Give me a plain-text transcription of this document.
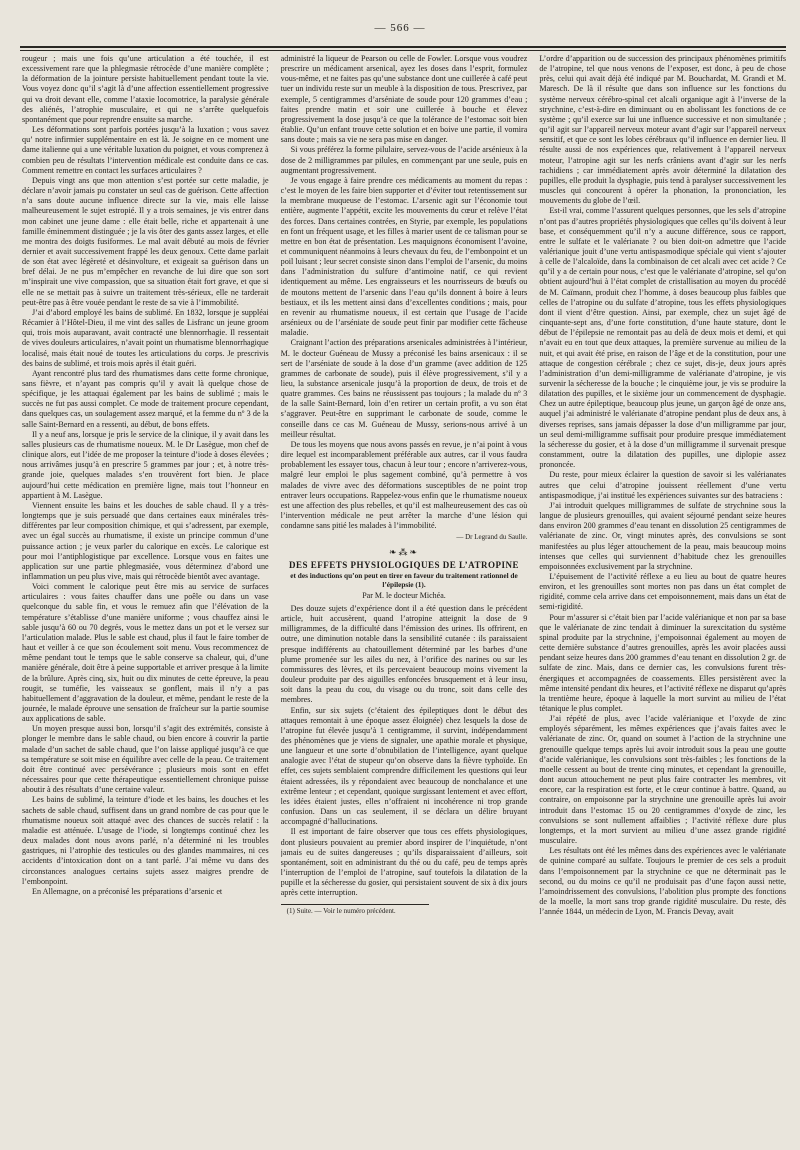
— 566 —

rougeur ; mais une fois qu’une articulation a été touchée, il est excessivement rare que la phlegmasie rétrocède d’une manière complète ; la déformation de la jointure persiste habituellement pendant toute la vie. Vous voyez donc qu’il s’agit là d’une affection essentiellement progressive qui va droit devant elle, comme l’ataxie locomotrice, la paralysie générale des aliénés, l’atrophie musculaire, et qui ne s’arrête quelquefois spontanément que pour reprendre ensuite sa marche.

Les déformations sont parfois portées jusqu’à la luxation ; vous savez qu’ notre infirmier supplémentaire en est là. Je soigne en ce moment une dame italienne qui a une véritable luxation du poignet, et vous comprenez à combien peu de résultats l’intervention médicale est conduite dans ce cas. Comment remettre en contact les surfaces articulaires ?

Depuis vingt ans que mon attention s’est portée sur cette maladie, je déclare n’avoir jamais pu constater un seul cas de guérison. Cette affection n’a sans doute aucune influence directe sur la vie, mais elle laisse malheureusement le sujet estropié. Il y a trois semaines, je vis entrer dans mon cabinet une jeune dame : elle était belle, riche et appartenait à une famille éminemment distinguée ; je la vis ôter des gants assez larges, et elle me montra des doigts fusiformes. Le mal avait débuté au mois de février dernier et avait successivement frappé les deux genoux. Cette dame parlait de son état avec légèreté et désinvolture, et exigeait sa guérison dans un bref délai. Je ne pus m’empêcher en revanche de lui dire que son sort m’inspirait une vive compassion, que sa situation était fort grave, et que si elle ne se mettait pas à suivre un traitement très-sérieux, elle ne tarderait peut-être pas à être vouée pendant le reste de sa vie à l’immobilité.

J’ai d’abord employé les bains de sublimé. En 1832, lorsque je suppléai Récamier à l’Hôtel-Dieu, il me vint des salles de Lisfranc un jeune groom qui, trois mois auparavant, avait contracté une blennorrhagie. Il ressentait de vives douleurs articulaires, n’avait point un rhumatisme blennorrhagique localisé, mais était noué de toutes les articulations du corps. Je prescrivis des bains de sublimé, et trois mois après il était guéri.

Ayant rencontré plus tard des rhumatismes dans cette forme chronique, sans fièvre, et n’ayant pas compris qu’il y avait là quelque chose de spécifique, je les attaquai également par les bains de sublimé ; mais le succès ne fut pas aussi complet. Ce mode de traitement procure cependant, dans quelques cas, un soulagement assez marqué, et la femme du nº 3 de la salle Saint-Bernard en a ressenti, au début, de bons effets.

Il y a neuf ans, lorsque je pris le service de la clinique, il y avait dans les salles plusieurs cas de rhumatisme noueux. M. le Dr Lasègue, mon chef de clinique alors, eut l’idée de me proposer la teinture d’iode à doses élevées ; nous arrivâmes jusqu’à en prescrire 5 grammes par jour ; et, à notre très-grande joie, quelques malades s’en trouvèrent fort bien. Je place aujourd’hui cette médication en première ligne, mais tout l’honneur en appartient à M. Lasègue.

Viennent ensuite les bains et les douches de sable chaud. Il y a très-longtemps que je suis persuadé que dans certaines eaux minérales très-différentes par leur composition chimique, et qui s’adressent, par exemple, avec un égal succès au rhumatisme, il existe un principe commun d’une puissance action ; je veux parler du calorique en excès. Le calorique est pour moi l’antiphlogistique par excellence. Lorsque vous en faites une application sur une partie phlegmasiée, vous déterminez d’abord une inflammation un peu plus vive, mais qui rétrocède bientôt avec avantage.

Voici comment le calorique peut être mis au service de surfaces articulaires : vous faites chauffer dans une poêle ou dans un vase quelconque du sable fin, et vous le remuez afin que l’élévation de la température s’établisse d’une manière uniforme ; vous chauffez ainsi le sable jusqu’à 60 ou 70 degrés, vous le mettez dans un pot et le versez sur l’articulation malade. Plus le sable est chaud, plus il faut le faire tomber de haut et veiller à ce que son écoulement soit menu. Vous recommencez de même pendant tout le temps que le sable conserve sa chaleur, qui, d’une manière générale, doit être à peine supportable et arriver presque à la limite de la brûlure. Après cinq, six, huit ou dix minutes de cette épreuve, la peau rougit, se tuméfie, les vaisseaux se gonflent, mais il n’y a pas habituellement d’aggravation de la douleur, et même, pendant le reste de la journée, le malade éprouve une sensation de fraîcheur sur la partie soumise aux applications de sable.

Un moyen presque aussi bon, lorsqu’il s’agit des extrémités, consiste à plonger le membre dans le sable chaud, ou bien encore à couvrir la partie malade d’un sachet de sable chaud, que l’on laisse appliqué jusqu’à ce que sa température se soit mise en équilibre avec celle de la peau. Ce traitement doit être continué avec persévérance ; plusieurs mois sont en effet nécessaires pour que cette thérapeutique essentiellement chronique puisse aboutir à des résultats d’une certaine valeur.

Les bains de sublimé, la teinture d’iode et les bains, les douches et les sachets de sable chaud, suffisent dans un grand nombre de cas pour que le rhumatisme noueux soit attaqué avec des chances de succès relatif : la maladie est atténuée. L’usage de l’iode, si longtemps continué chez les deux malades dont nous avons parlé, n’a déterminé ni les troubles gastriques, ni l’atrophie des testicules ou des glandes mammaires, ni ces accidents d’intoxication dont on a tant parlé. J’ai même vu dans des circonstances analogues certains sujets assez maigres prendre de l’embonpoint.

En Allemagne, on a préconisé les préparations d’arsenic et

administré la liqueur de Pearson ou celle de Fowler. Lorsque vous voudrez prescrire un médicament arsenical, ayez les doses dans l’esprit, formulez vous-même, et ne faites pas qu’une substance dont une cuillerée à café peut tuer un individu reste sur un meuble à la disposition de tous. Prescrivez, par exemple, 5 centigrammes d’arséniate de soude pour 120 grammes d’eau ; faites prendre matin et soir une cuillerée à bouche et élevez progressivement la dose jusqu’à ce que la tolérance de l’estomac soit bien établie. Qu’un enfant trouve cette solution et en boive une partie, il vomira sans doute ; mais sa vie ne sera pas mise en danger.

Si vous préférez la forme pilulaire, servez-vous de l’acide arsénieux à la dose de 2 milligrammes par pilules, en commençant par une seule, puis en augmentant progressivement.

Je vous engage à faire prendre ces médicaments au moment du repas : c’est le moyen de les faire bien supporter et d’éviter tout retentissement sur la membrane muqueuse de l’estomac. L’arsenic agit sur l’économie tout entière, augmente l’appétit, excite les mouvements du cœur et relève l’état des forces. Dans certaines contrées, en Styrie, par exemple, les populations en font un fréquent usage, et les filles à marier usent de ce talisman pour se mettre en bon état de présentation. Les maquignons économisent l’avoine, et communiquent néanmoins à leurs chevaux du feu, de l’embonpoint et un poil luisant ; leur secret consiste sinon dans l’emploi de l’arsenic, du moins dans l’administration du sulfure d’antimoine natif, ce qui revient identiquement au même. Les engraisseurs et les nourrisseurs de bœufs ou de moutons mettent de l’arsenic dans l’eau qu’ils donnent à boire à leurs bestiaux, et ils les mettent ainsi dans d’excellentes conditions ; mais, pour en revenir au rhumatisme noueux, il est certain que l’usage de l’acide arsénieux ou de l’arséniate de soude peut finir par modifier cette fâcheuse maladie.

Craignant l’action des préparations arsenicales administrées à l’intérieur, M. le docteur Guéneau de Mussy a préconisé les bains arsenicaux : il se sert de l’arséniate de soude à la dose d’un gramme (avec addition de 125 grammes de carbonate de soude), puis il élève progressivement, s’il y a lieu, la substance arsenicale jusqu’à la proportion de deux, de trois et de quatre grammes. Ces bains ne réussissent pas toujours ; la malade du nº 3 de la salle Saint-Bernard, loin d’en retirer un certain profit, a vu son état s’aggraver. Peut-être en supprimant le carbonate de soude, comme le conseille dans ce cas M. Guéneau de Mussy, serions-nous arrivé à un meilleur résultat.

De tous les moyens que nous avons passés en revue, je n’ai point à vous dire lequel est incomparablement préférable aux autres, car il vous faudra probablement les essayer tous, chacun à leur tour ; encore n’arriverez-vous, malgré leur emploi le plus sagement combiné, qu’à permettre à vos malades de vivre avec des déformations susceptibles de ne point trop entraver leurs occupations. Rappelez-vous enfin que le rhumatisme noueux est une affection des plus rebelles, et qu’il est malheureusement des cas où l’intervention médicale ne peut arrêter la marche d’une lésion qui condamne sans pitié les malades à l’immobilité.

— Dr Legrand du Saulle.
❧⁂❧
DES EFFETS PHYSIOLOGIQUES DE L’ATROPINE
et des inductions qu’on peut en tirer en faveur du traitement rationnel de l’épilepsie (1).
Par M. le docteur Michéa.

Des douze sujets d’expérience dont il a été question dans le précédent article, huit accusèrent, quand l’atropine atteignit la dose de 9 milligrammes, de la difficulté dans l’émission des urines. Ils offrirent, en outre, une diminution notable dans la sensibilité cutanée : ils paraissaient presque indifférents au chatouillement déterminé par les barbes d’une plume promenée sur les ailes du nez, à l’orifice des narines ou sur les commissures des lèvres, et ils percevaient beaucoup moins vivement la douleur produite par des aiguilles enfoncées brusquement et à leur insu, soit dans la peau du cou, du visage ou du tronc, soit dans celle des membres.

Enfin, sur six sujets (c’étaient des épileptiques dont le début des attaques remontait à une époque assez éloignée) chez lesquels la dose de l’atropine fut élevée jusqu’à 1 centigramme, il survint, indépendamment des phénomènes que je viens de signaler, une apathie morale et physique, une langueur et une sorte d’obnubilation de l’intelligence, ayant quelque analogie avec l’état de stupeur qu’on observe dans la fièvre typhoïde. En effet, ces sujets semblaient comprendre difficilement les questions qui leur étaient adressées, ils y répondaient avec beaucoup de nonchalance et une extrême lenteur ; et cependant, quoique surgissant lentement et avec effort, les idées étaient justes, elles n’offraient ni incohérence ni trop grande confusion. Dans un cas seulement, il se déclara un délire bruyant accompagné d’hallucinations.

Il est important de faire observer que tous ces effets physiologiques, dont plusieurs pouvaient au premier abord inspirer de l’inquiétude, n’ont jamais eu de suites dangereuses ; qu’ils disparaissaient d’ailleurs, soit spontanément, soit en administrant du thé ou du café, peu de temps après l’interruption de l’emploi de l’atropine, sauf toutefois la dilatation de la pupille et la sécheresse du gosier, qui persistaient souvent de six à dix jours après cette interruption.

(1) Suite. — Voir le numéro précédent.

L’ordre d’apparition ou de succession des principaux phénomènes primitifs de l’atropine, tel que nous venons de l’exposer, est donc, à peu de chose près, celui qui avait déjà été indiqué par M. Bouchardat, M. Grandi et M. Maresch. De là il résulte que dans son influence sur les fonctions du système nerveux cérébro-spinal cet alcali organique agit à l’inverse de la strychnine, c’est-à-dire en diminuant ou en abolissant les fonctions de ce système ; qu’il exerce sur lui une influence successive et non simultanée ; qu’il agit sur l’appareil nerveux moteur avant d’agir sur l’appareil nerveux sensitif, et que ce sont les lobes cérébraux qu’il influence en dernier lieu. Il résulte aussi de nos expériences que, relativement à l’appareil nerveux moteur, l’atropine agit sur les nerfs crâniens avant d’agir sur les nerfs rachidiens ; car immédiatement après avoir déterminé la dilatation des pupilles, elle produit la dysphagie, puis tend à paralyser successivement les muscles qui concourent à opérer la phonation, la prononciation, les mouvements du globe de l’œil.

Est-il vrai, comme l’assurent quelques personnes, que les sels d’atropine n’ont pas d’autres propriétés physiologiques que celles qu’ils doivent à leur base, et conséquemment qu’il n’y a aucune différence, sous ce rapport, entre le sulfate et le valérianate ? ou bien doit-on admettre que l’acide valérianique jouit d’une vertu antispasmodique spéciale qui vient s’ajouter à celle de l’alcaloïde, dans la combinaison de cet alcali avec cet acide ? Ce qu’il y a de certain pour nous, c’est que le valérianate d’atropine, sel qu’on obtient aujourd’hui à l’état complet de cristallisation au moyen du procédé de M. Caïmann, produit chez l’homme, à doses beaucoup plus faibles que celles de l’atropine ou du sulfate d’atropine, tous les effets physiologiques dont il vient d’être question. Ainsi, par exemple, chez un sujet âgé de cinquante-sept ans, d’une forte constitution, d’une haute stature, dont le début de l’épilepsie ne remontait pas au delà de deux mois et demi, et qui n’avait eu en tout que deux attaques, la première survenue au milieu de la nuit, et qui avait été prise, en raison de l’âge et de la constitution, pour une attaque de congestion cérébrale ; chez ce sujet, dis-je, deux jours après l’administration d’un demi-milligramme de valérianate d’atropine, je vis survenir la sécheresse de la bouche ; le cinquième jour, je vis se produire la dilatation des pupilles, et le sixième jour un commencement de dysphagie. Chez un autre épileptique, beaucoup plus jeune, un garçon âgé de onze ans, auquel j’ai administré le valérianate d’atropine pendant plus de deux ans, à diverses reprises, sans jamais dépasser la dose d’un milligramme par jour, un seul demi-milligramme suffisait pour produire presque immédiatement la sécheresse du gosier, et à la dose d’un milligramme il survenait presque constamment, outre la dilatation des pupilles, une diplopie assez prononcée.

Du reste, pour mieux éclairer la question de savoir si les valérianates autres que celui d’atropine jouissent réellement d’une vertu antispasmodique, j’ai institué les expériences suivantes sur des batraciens :

J’ai introduit quelques milligrammes de sulfate de strychnine sous la langue de plusieurs grenouilles, qui avaient séjourné pendant seize heures dans environ 200 grammes d’eau tenant en dissolution 25 centigrammes de valérianate de zinc. Or, vingt minutes après, des convulsions se sont manifestées au plus léger attouchement de la peau, mais beaucoup moins intenses que celles qui surviennent d’habitude chez les grenouilles empoisonnées exclusivement par la strychnine.

L’épuisement de l’activité réflexe a eu lieu au bout de quatre heures environ, et les grenouilles sont mortes non pas dans un état complet de rigidité, comme cela arrive dans cet empoisonnement, mais dans un état de semi-rigidité.

Pour m’assurer si c’était bien par l’acide valérianique et non par sa base que le valérianate de zinc tendait à diminuer la surexcitation du système spinal produite par la strychnine, j’empoisonnai également au moyen de cette dernière substance d’autres grenouilles, après les avoir placées aussi pendant seize heures dans 200 grammes d’eau tenant en dissolution 2 gr. de sulfate de zinc. Mais, dans ce dernier cas, les convulsions furent très-énergiques et accompagnées de coassements. Elles persistèrent avec la même intensité pendant dix heures, et l’activité réflexe ne disparut qu’après la trentième heure, époque à laquelle la mort survint au milieu de l’état tétanique le plus complet.

J’ai répété de plus, avec l’acide valérianique et l’oxyde de zinc employés séparément, les mêmes expériences que j’avais faites avec le valérianate de zinc. Or, quand on soumet à l’action de la strychnine une grenouille quelque temps après lui avoir introduit sous la peau une goutte d’acide valérianique, les convulsions sont très-faibles ; les fonctions de la moelle cessent au bout de trente cinq minutes, et cependant la grenouille, dont aucun attouchement ne peut plus faire contracter les membres, vit encore, car la respiration est forte, et le cœur continue à battre. Quand, au contraire, on empoisonne par la strychnine une grenouille après lui avoir introduit dans l’estomac 15 ou 20 centigrammes d’oxyde de zinc, les convulsions se sont nullement affaiblies ; l’activité réflexe dure plus longtemps, et la mort survient au milieu d’une assez grande rigidité musculaire.

Les résultats ont été les mêmes dans des expériences avec le valérianate de quinine comparé au sulfate. Toujours le premier de ces sels a produit dans l’empoisonnement par la strychnine ce que ne déterminait pas le second, ou du moins ce qu’il ne produisait pas d’une façon aussi nette, l’amoindrissement des convulsions, l’abolition plus prompte des fonctions de la moelle, la mort sans trop grande rigidité musculaire. Du reste, dès l’année 1844, un médecin de Lyon, M. Francis Devay, avait
